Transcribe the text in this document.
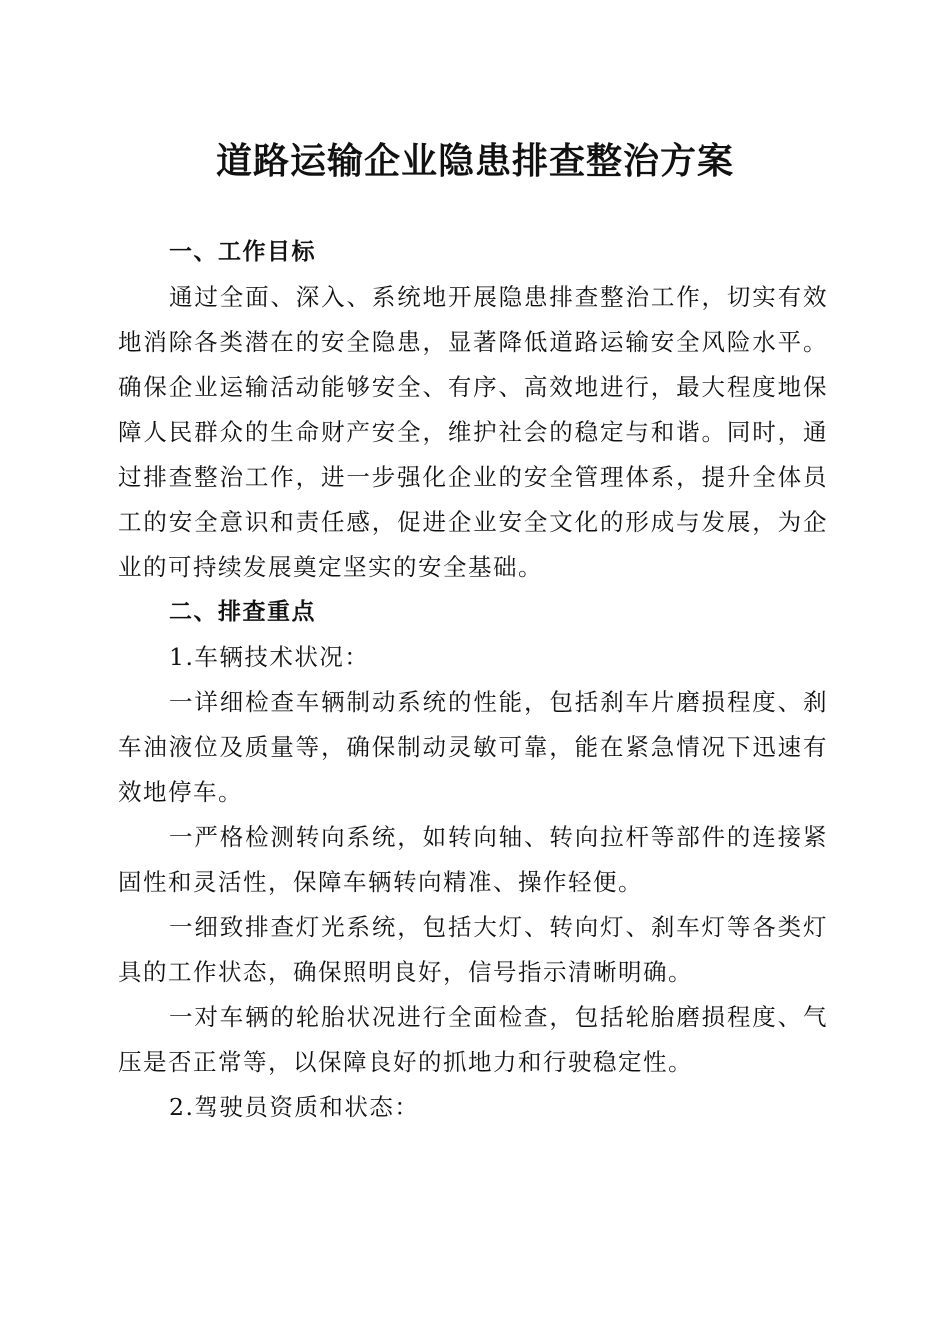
道路运输企业隐患排查整治方案

一、工作目标

通过全面、深入、系统地开展隐患排查整治工作，切实有效地消除各类潜在的安全隐患，显著降低道路运输安全风险水平。确保企业运输活动能够安全、有序、高效地进行，最大程度地保障人民群众的生命财产安全，维护社会的稳定与和谐。同时，通过排查整治工作，进一步强化企业的安全管理体系，提升全体员工的安全意识和责任感，促进企业安全文化的形成与发展，为企业的可持续发展奠定坚实的安全基础。

二、排查重点

1.车辆技术状况：

一详细检查车辆制动系统的性能，包括刹车片磨损程度、刹车油液位及质量等，确保制动灵敏可靠，能在紧急情况下迅速有效地停车。

一严格检测转向系统，如转向轴、转向拉杆等部件的连接紧固性和灵活性，保障车辆转向精准、操作轻便。

一细致排查灯光系统，包括大灯、转向灯、刹车灯等各类灯具的工作状态，确保照明良好，信号指示清晰明确。

一对车辆的轮胎状况进行全面检查，包括轮胎磨损程度、气压是否正常等，以保障良好的抓地力和行驶稳定性。

2.驾驶员资质和状态：
